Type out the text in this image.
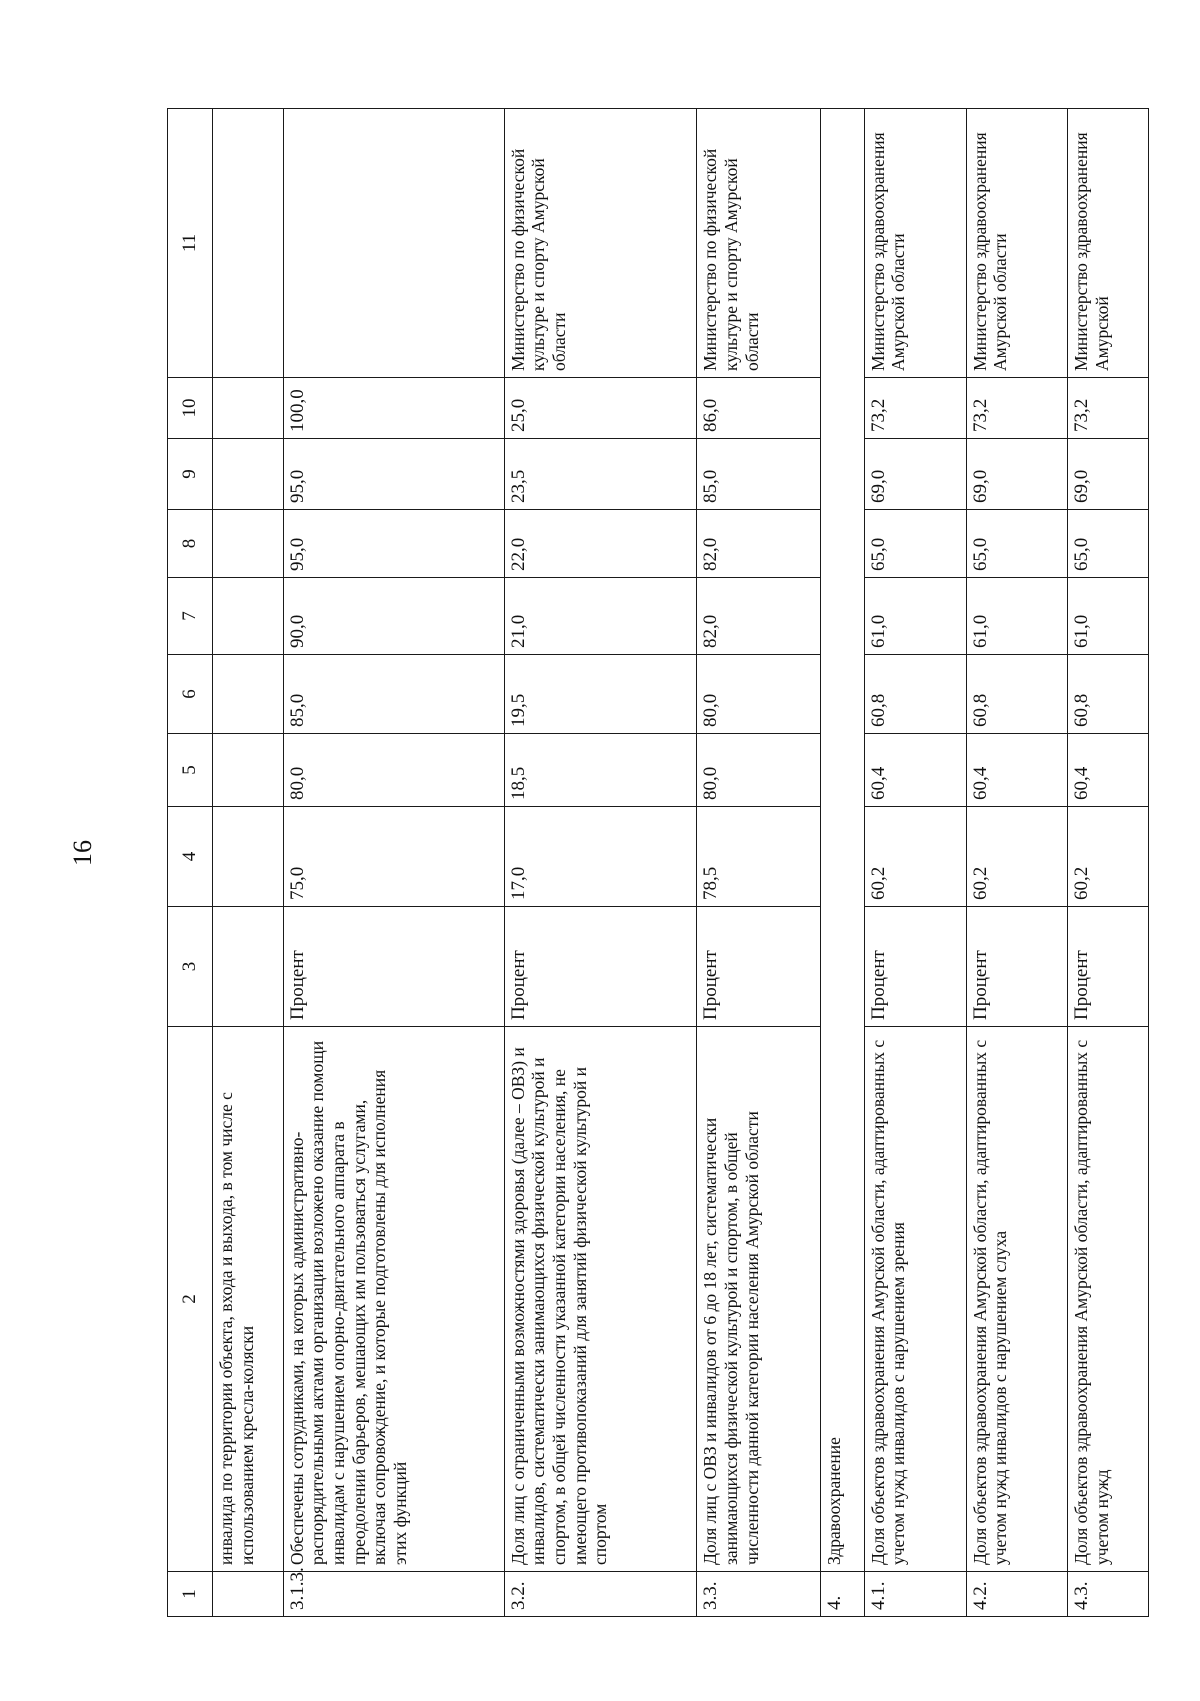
16
1	2	3	4	5	6	7	8	9	10	11
	инвалида по территории объекта, входа и выхода, в том числе с использованием кресла-коляски									
3.1.3.	Обеспечены сотрудниками, на которых административно-распорядительными актами организации возложено оказание помощи инвалидам с нарушением опорно-двигательного аппарата в преодолении барьеров, мешающих им пользоваться услугами, включая сопровождение, и которые подготовлены для исполнения этих функций	Процент	75,0	80,0	85,0	90,0	95,0	95,0	100,0	
3.2.	Доля лиц с ограниченными возможностями здоровья (далее – ОВЗ) и инвалидов, систематически занимающихся физической культурой и спортом, в общей численности указанной категории населения, не имеющего противопоказаний для занятий физической культурой и спортом	Процент	17,0	18,5	19,5	21,0	22,0	23,5	25,0	Министерство по физической культуре и спорту Амурской области
3.3.	Доля лиц с ОВЗ и инвалидов от 6 до 18 лет, систематически занимающихся физической культурой и спортом, в общей численности данной категории населения Амурской области	Процент	78,5	80,0	80,0	82,0	82,0	85,0	86,0	Министерство по физической культуре и спорту Амурской области
4.	Здравоохранение									
4.1.	Доля объектов здравоохранения Амурской области, адаптированных с учетом нужд инвалидов с нарушением зрения	Процент	60,2	60,4	60,8	61,0	65,0	69,0	73,2	Министерство здравоохранения Амурской области
4.2.	Доля объектов здравоохранения Амурской области, адаптированных с учетом нужд инвалидов с нарушением слуха	Процент	60,2	60,4	60,8	61,0	65,0	69,0	73,2	Министерство здравоохранения Амурской области
4.3.	Доля объектов здравоохранения Амурской области, адаптированных с учетом нужд	Процент	60,2	60,4	60,8	61,0	65,0	69,0	73,2	Министерство здравоохранения Амурской
